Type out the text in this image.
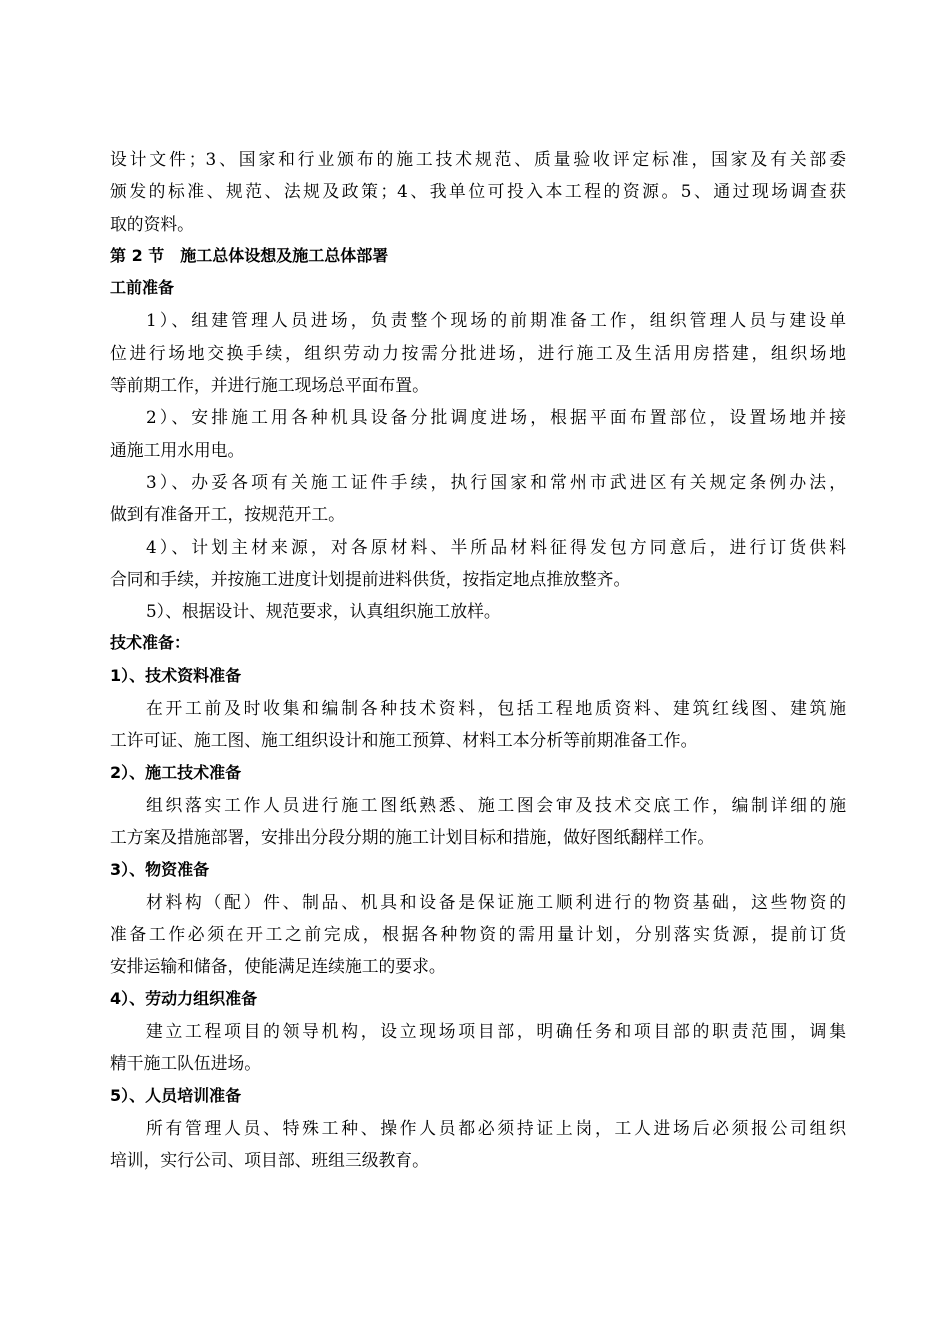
设计文件；3、国家和行业颁布的施工技术规范、质量验收评定标准，国家及有关部委
颁发的标准、规范、法规及政策；4、我单位可投入本工程的资源。5、通过现场调查获
取的资料。
第 2 节　施工总体设想及施工总体部署
工前准备
1）、组建管理人员进场，负责整个现场的前期准备工作，组织管理人员与建设单
位进行场地交换手续，组织劳动力按需分批进场，进行施工及生活用房搭建，组织场地
等前期工作，并进行施工现场总平面布置。
2）、安排施工用各种机具设备分批调度进场，根据平面布置部位，设置场地并接
通施工用水用电。
3）、办妥各项有关施工证件手续，执行国家和常州市武进区有关规定条例办法，
做到有准备开工，按规范开工。
4）、计划主材来源，对各原材料、半所品材料征得发包方同意后，进行订货供料
合同和手续，并按施工进度计划提前进料供货，按指定地点推放整齐。
5）、根据设计、规范要求，认真组织施工放样。
技术准备：
1）、技术资料准备
在开工前及时收集和编制各种技术资料，包括工程地质资料、建筑红线图、建筑施
工许可证、施工图、施工组织设计和施工预算、材料工本分析等前期准备工作。
2）、施工技术准备
组织落实工作人员进行施工图纸熟悉、施工图会审及技术交底工作，编制详细的施
工方案及措施部署，安排出分段分期的施工计划目标和措施，做好图纸翻样工作。
3）、物资准备
材料构（配）件、制品、机具和设备是保证施工顺利进行的物资基础，这些物资的
准备工作必须在开工之前完成，根据各种物资的需用量计划，分别落实货源，提前订货
安排运输和储备，使能满足连续施工的要求。
4）、劳动力组织准备
建立工程项目的领导机构，设立现场项目部，明确任务和项目部的职责范围，调集
精干施工队伍进场。
5）、人员培训准备
所有管理人员、特殊工种、操作人员都必须持证上岗，工人进场后必须报公司组织
培训，实行公司、项目部、班组三级教育。
